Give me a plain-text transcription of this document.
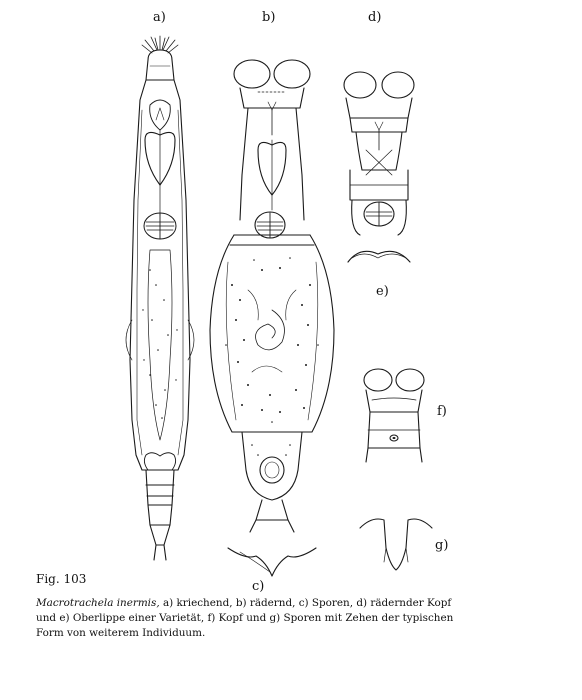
a)	b)	d)
e)
f)
g)
c)
Fig. 103
Macrotrachela inermis, a) kriechend, b) rädernd, c) Sporen, d) rädernder Kopf
und e) Oberlippe einer Varietät, f) Kopf und g) Sporen mit Zehen der typischen
Form von weiterem Individuum.
